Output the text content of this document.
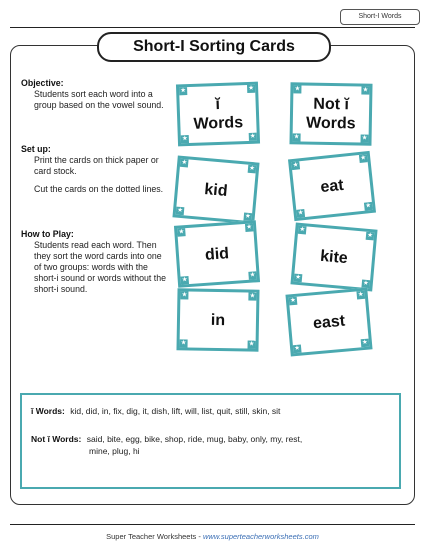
Short-I Words
Short-I Sorting Cards
Objective:

Students sort each word into a group based on the vowel sound.

Set up:

Print the cards on thick paper or card stock.

Cut the cards on the dotted lines.

How to Play:

Students read each word. Then they sort the word cards into one of two groups: words with the short-i sound or words without the short-i sound.

★	★
★	★
ĭ
Words
★	★
★	★
Not ĭ
Words
★
★
★
★
kid
★
★
★
★
eat
★
★
★
★
did
★
★
★
★
kite
★	★
★	★
in
★
★
★
★
east
ĭ Words: kid, did, in, fix, dig, it, dish, lift, will, list, quit, still, skin, sit
Not ĭ Words: said, bite, egg, bike, shop, ride, mug, baby, only, my, rest,
mine, plug, hi
Super Teacher Worksheets - www.superteacherworksheets.com
